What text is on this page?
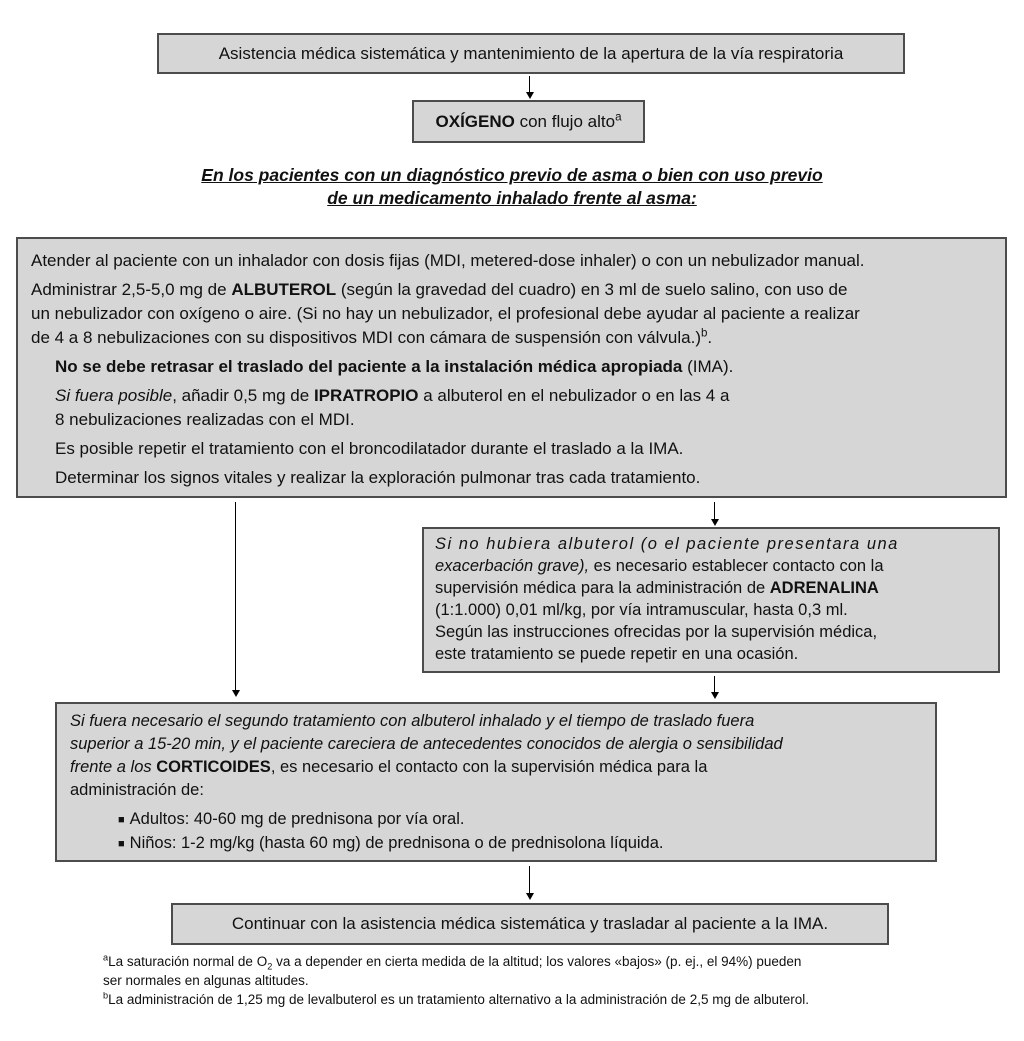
Asistencia médica sistemática y mantenimiento de la apertura de la vía respiratoria
OXÍGENO con flujo alto$^a$
En los pacientes con un diagnóstico previo de asma o bien con uso previo
de un medicamento inhalado frente al asma:

Atender al paciente con un inhalador con dosis fijas (MDI, metered-dose inhaler) o con un nebulizador manual.

Administrar 2,5-5,0 mg de ALBUTEROL (según la gravedad del cuadro) en 3 ml de suelo salino, con uso de
un nebulizador con oxígeno o aire. (Si no hay un nebulizador, el profesional debe ayudar al paciente a realizar
de 4 a 8 nebulizaciones con su dispositivos MDI con cámara de suspensión con válvula.)$^b$.

No se debe retrasar el traslado del paciente a la instalación médica apropiada (IMA).

Si fuera posible, añadir 0,5 mg de IPRATROPIO a albuterol en el nebulizador o en las 4 a
8 nebulizaciones realizadas con el MDI.

Es posible repetir el tratamiento con el broncodilatador durante el traslado a la IMA.

Determinar los signos vitales y realizar la exploración pulmonar tras cada tratamiento.

Si no hubiera albuterol (o el paciente presentara una
exacerbación grave), es necesario establecer contacto con la
supervisión médica para la administración de ADRENALINA
(1:1.000) 0,01 ml/kg, por vía intramuscular, hasta 0,3 ml.
Según las instrucciones ofrecidas por la supervisión médica,
este tratamiento se puede repetir en una ocasión.
Si fuera necesario el segundo tratamiento con albuterol inhalado y el tiempo de traslado fuera
superior a 15-20 min, y el paciente careciera de antecedentes conocidos de alergia o sensibilidad
frente a los CORTICOIDES, es necesario el contacto con la supervisión médica para la
administración de:
■ Adultos: 40-60 mg de prednisona por vía oral.
■ Niños: 1-2 mg/kg (hasta 60 mg) de prednisona o de prednisolona líquida.
Continuar con la asistencia médica sistemática y trasladar al paciente a la IMA.

$^a$La saturación normal de $O_2$ va a depender en cierta medida de la altitud; los valores «bajos» (p. ej., el 94%) pueden
ser normales en algunas altitudes.

$^b$La administración de 1,25 mg de levalbuterol es un tratamiento alternativo a la administración de 2,5 mg de albuterol.
